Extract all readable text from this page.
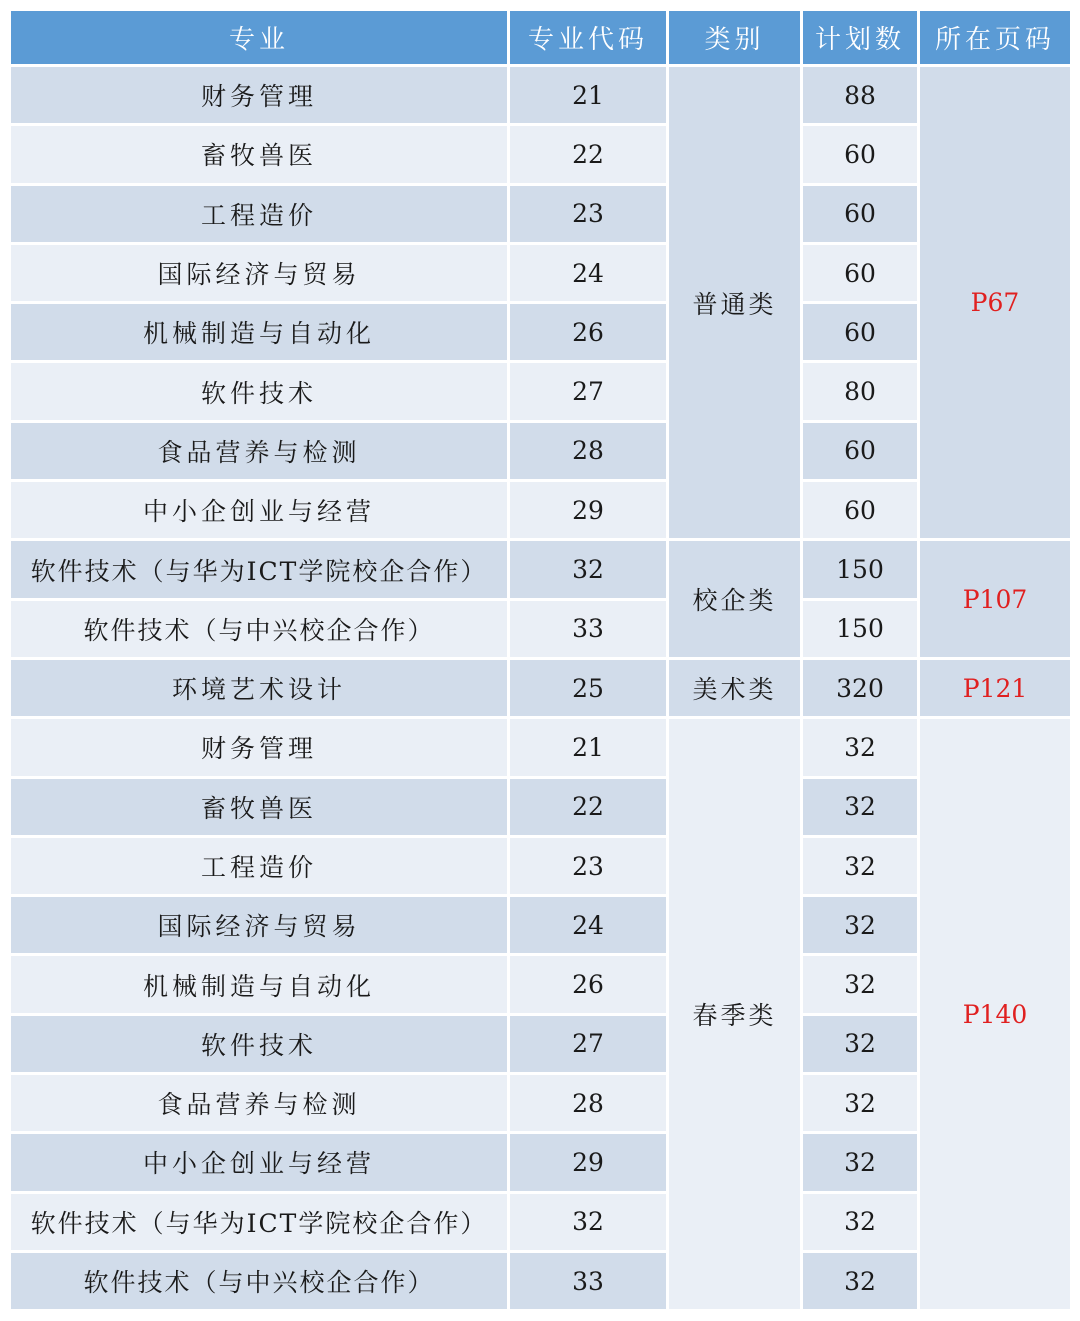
专业	专业代码	类别	计划数	所在页码
财务管理	21	普通类	88	P67
畜牧兽医	22		60	
工程造价	23		60	
国际经济与贸易	24		60	
机械制造与自动化	26		60	
软件技术	27		80	
食品营养与检测	28		60	
中小企创业与经营	29		60	
软件技术（与华为ICT学院校企合作）	32	校企类	150	P107
软件技术（与中兴校企合作）	33		150	
环境艺术设计	25	美术类	320	P121
财务管理	21	春季类	32	P140
畜牧兽医	22		32	
工程造价	23		32	
国际经济与贸易	24		32	
机械制造与自动化	26		32	
软件技术	27		32	
食品营养与检测	28		32	
中小企创业与经营	29		32	
软件技术（与华为ICT学院校企合作）	32		32	
软件技术（与中兴校企合作）	33		32	
